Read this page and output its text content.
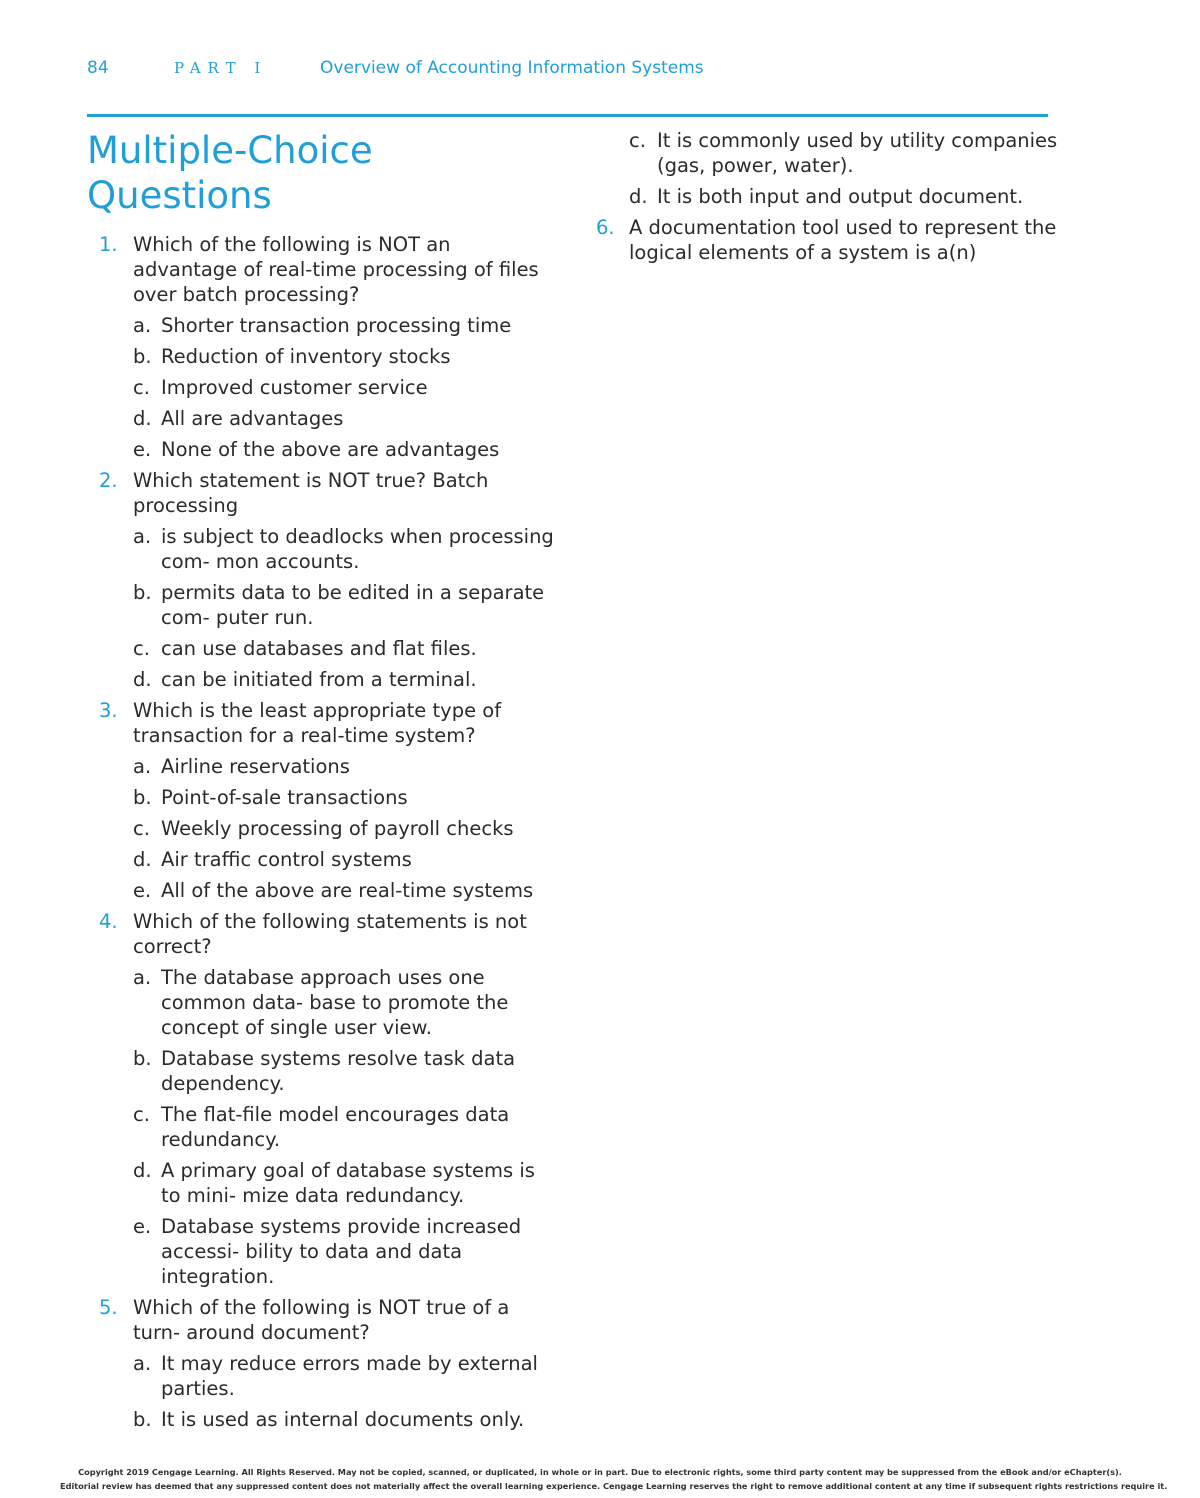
84	PART I	Overview of Accounting Information Systems
Multiple-Choice Questions
1. Which of the following is NOT an advantage of real-time processing of files over batch processing?
a. Shorter transaction processing time
b. Reduction of inventory stocks
c. Improved customer service
d. All are advantages
e. None of the above are advantages
2. Which statement is NOT true? Batch processing
a. is subject to deadlocks when processing com- mon accounts.
b. permits data to be edited in a separate com- puter run.
c. can use databases and flat files.
d. can be initiated from a terminal.
3. Which is the least appropriate type of transaction for a real-time system?
a. Airline reservations
b. Point-of-sale transactions
c. Weekly processing of payroll checks
d. Air traffic control systems
e. All of the above are real-time systems
4. Which of the following statements is not correct?
a. The database approach uses one common data- base to promote the concept of single user view.
b. Database systems resolve task data dependency.
c. The flat-file model encourages data redundancy.
d. A primary goal of database systems is to mini- mize data redundancy.
e. Database systems provide increased accessi- bility to data and data integration.
5. Which of the following is NOT true of a turn- around document?
a. It may reduce errors made by external parties.
b. It is used as internal documents only.
c. It is commonly used by utility companies (gas, power, water).
d. It is both input and output document.
6. A documentation tool used to represent the logical elements of a system is a(n)
Copyright 2019 Cengage Learning. All Rights Reserved. May not be copied, scanned, or duplicated, in whole or in part. Due to electronic rights, some third party content may be suppressed from the eBook and/or eChapter(s).
Editorial review has deemed that any suppressed content does not materially affect the overall learning experience. Cengage Learning reserves the right to remove additional content at any time if subsequent rights restrictions require it.
